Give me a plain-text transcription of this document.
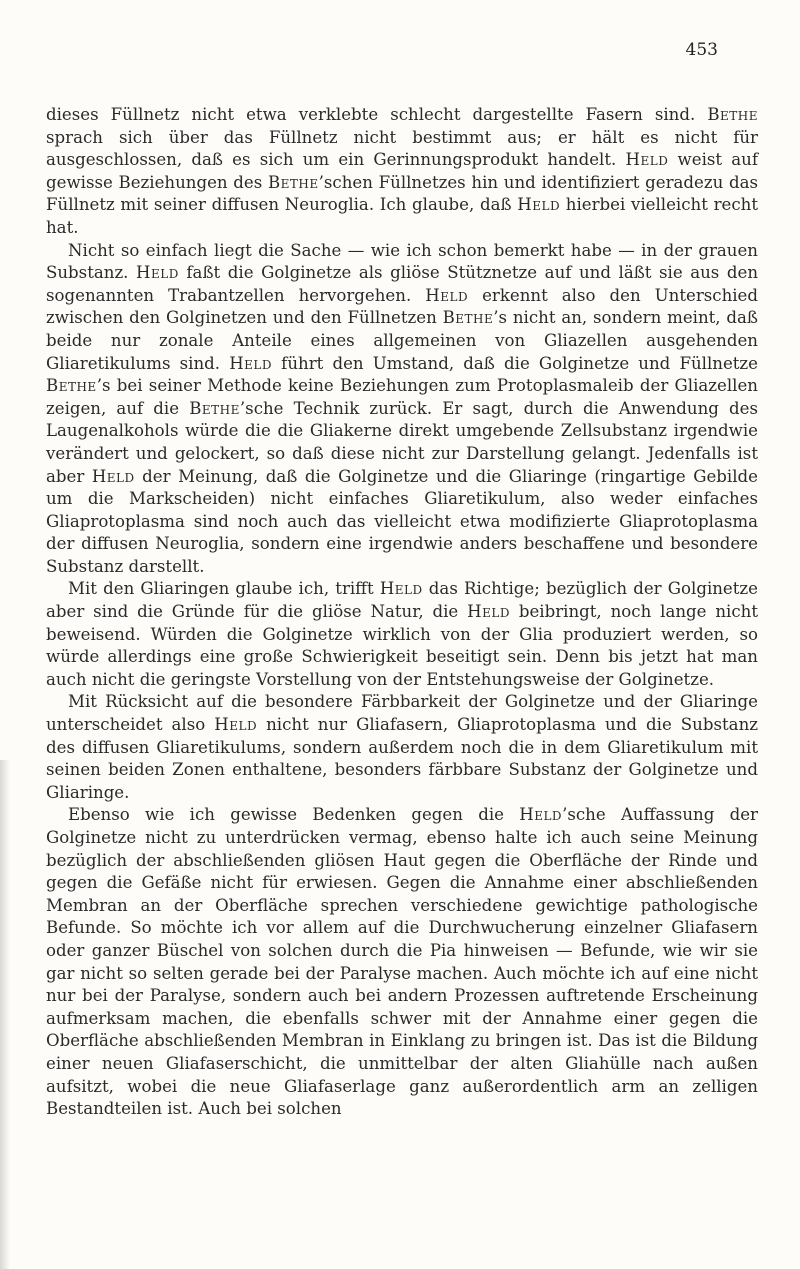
453

dieses Füllnetz nicht etwa verklebte schlecht dargestellte Fasern sind. Bethe sprach sich über das Füllnetz nicht bestimmt aus; er hält es nicht für ausgeschlossen, daß es sich um ein Gerinnungsprodukt handelt. Held weist auf gewisse Beziehungen des Bethe’schen Füllnetzes hin und identifiziert geradezu das Füllnetz mit seiner diffusen Neuroglia. Ich glaube, daß Held hierbei vielleicht recht hat.

Nicht so einfach liegt die Sache — wie ich schon bemerkt habe — in der grauen Substanz. Held faßt die Golginetze als gliöse Stütznetze auf und läßt sie aus den sogenannten Trabantzellen hervorgehen. Held erkennt also den Unterschied zwischen den Golginetzen und den Füllnetzen Bethe’s nicht an, sondern meint, daß beide nur zonale Anteile eines allgemeinen von Gliazellen ausgehenden Gliaretikulums sind. Held führt den Umstand, daß die Golginetze und Füllnetze Bethe’s bei seiner Methode keine Beziehungen zum Protoplasmaleib der Gliazellen zeigen, auf die Bethe’sche Technik zurück. Er sagt, durch die Anwendung des Laugenalkohols würde die die Gliakerne direkt umgebende Zellsubstanz irgendwie verändert und gelockert, so daß diese nicht zur Darstellung gelangt. Jedenfalls ist aber Held der Meinung, daß die Golginetze und die Gliaringe (ringartige Gebilde um die Markscheiden) nicht einfaches Gliaretikulum, also weder einfaches Gliaprotoplasma sind noch auch das vielleicht etwa modifizierte Gliaprotoplasma der diffusen Neuroglia, sondern eine irgendwie anders beschaffene und besondere Substanz darstellt.

Mit den Gliaringen glaube ich, trifft Held das Richtige; bezüglich der Golginetze aber sind die Gründe für die gliöse Natur, die Held beibringt, noch lange nicht beweisend. Würden die Golginetze wirklich von der Glia produziert werden, so würde allerdings eine große Schwierigkeit beseitigt sein. Denn bis jetzt hat man auch nicht die geringste Vorstellung von der Entstehungsweise der Golginetze.

Mit Rücksicht auf die besondere Färbbarkeit der Golginetze und der Gliaringe unterscheidet also Held nicht nur Gliafasern, Gliaprotoplasma und die Substanz des diffusen Gliaretikulums, sondern außerdem noch die in dem Gliaretikulum mit seinen beiden Zonen enthaltene, besonders färbbare Substanz der Golginetze und Gliaringe.

Ebenso wie ich gewisse Bedenken gegen die Held’sche Auffassung der Golginetze nicht zu unterdrücken vermag, ebenso halte ich auch seine Meinung bezüglich der abschließenden gliösen Haut gegen die Oberfläche der Rinde und gegen die Gefäße nicht für erwiesen. Gegen die Annahme einer abschließenden Membran an der Oberfläche sprechen verschiedene gewichtige pathologische Befunde. So möchte ich vor allem auf die Durchwucherung einzelner Gliafasern oder ganzer Büschel von solchen durch die Pia hinweisen — Befunde, wie wir sie gar nicht so selten gerade bei der Paralyse machen. Auch möchte ich auf eine nicht nur bei der Paralyse, sondern auch bei andern Prozessen auftretende Erscheinung aufmerksam machen, die ebenfalls schwer mit der Annahme einer gegen die Oberfläche abschließenden Membran in Einklang zu bringen ist. Das ist die Bildung einer neuen Gliafaserschicht, die unmittelbar der alten Gliahülle nach außen aufsitzt, wobei die neue Gliafaserlage ganz außerordentlich arm an zelligen Bestandteilen ist. Auch bei solchen
